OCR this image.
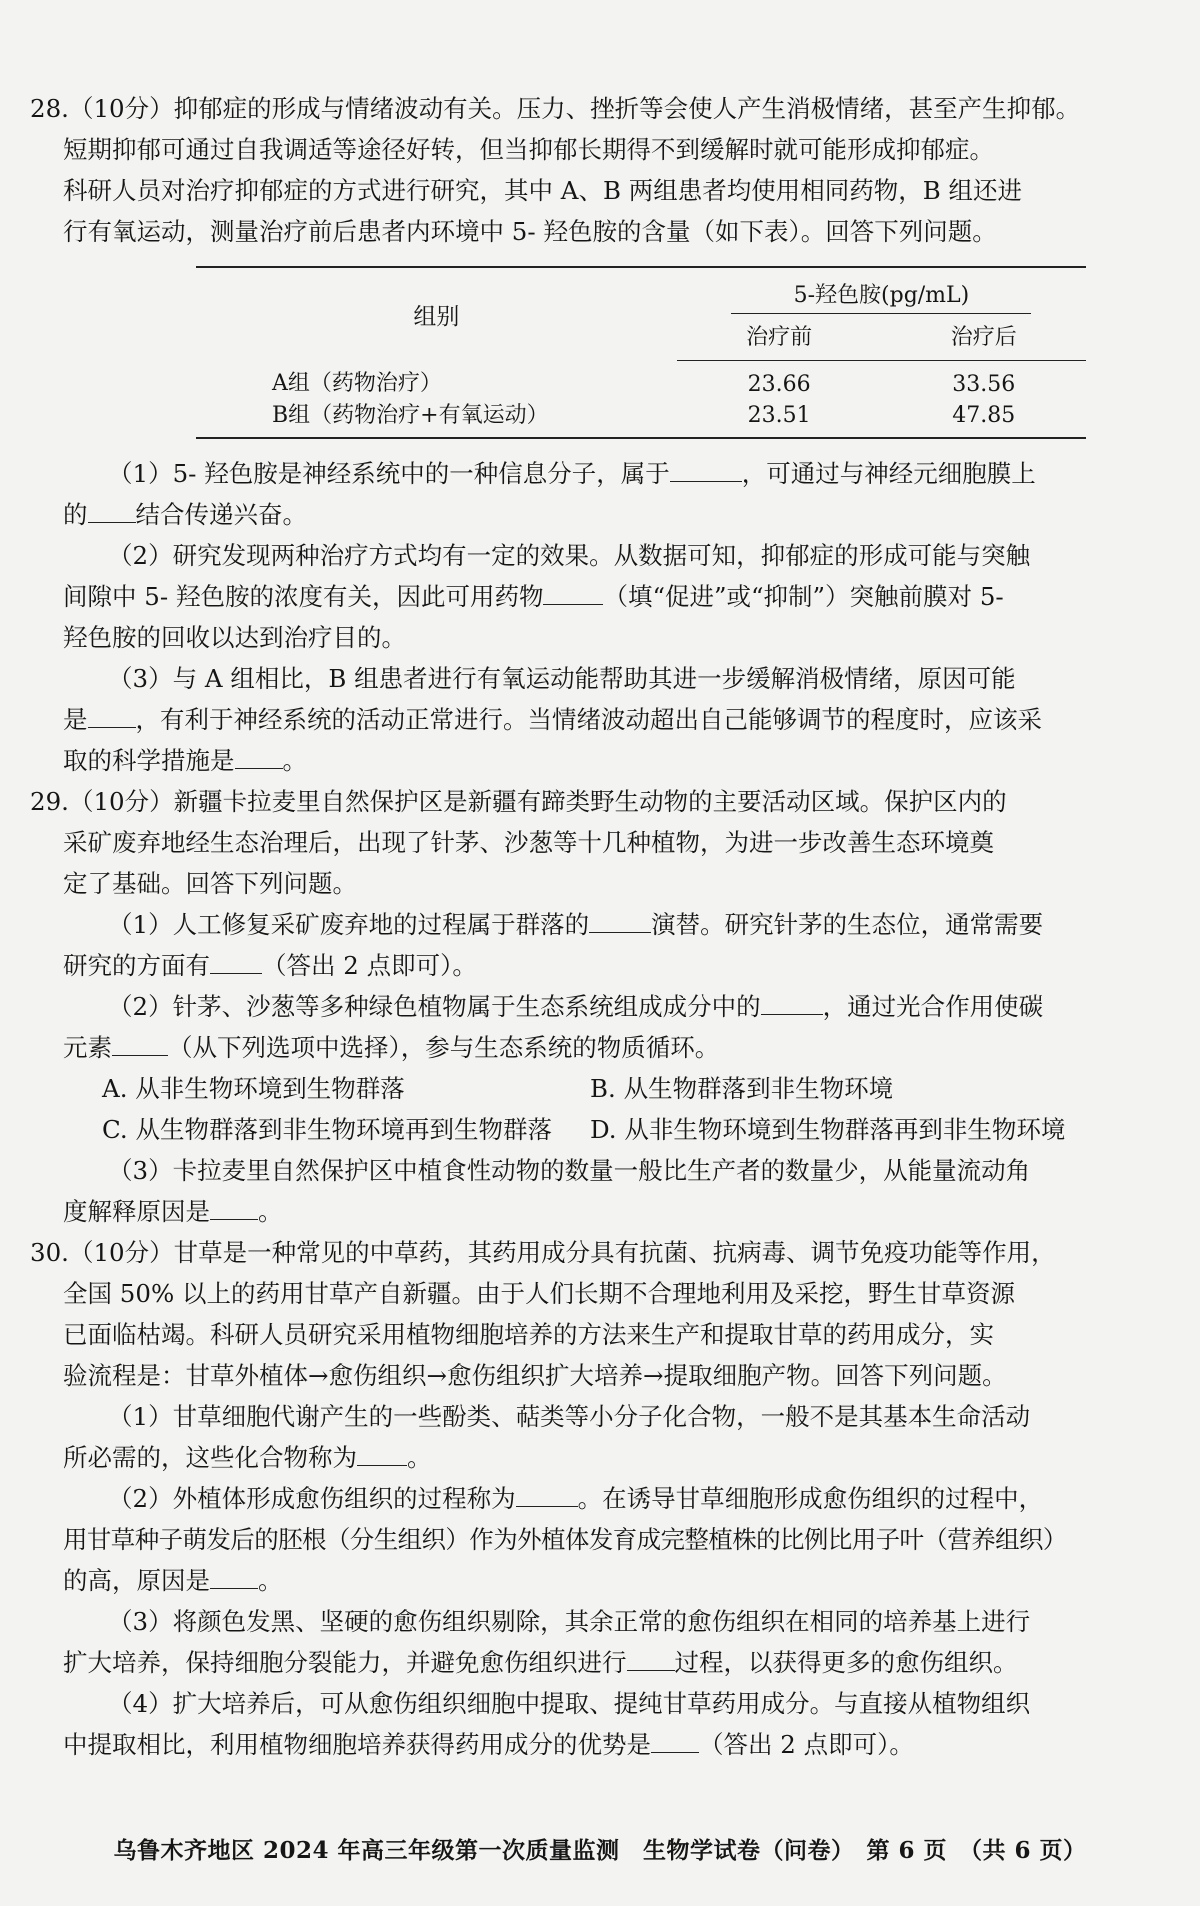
28.（10分）抑郁症的形成与情绪波动有关。压力、挫折等会使人产生消极情绪，甚至产生抑郁。

短期抑郁可通过自我调适等途径好转，但当抑郁长期得不到缓解时就可能形成抑郁症。

科研人员对治疗抑郁症的方式进行研究，其中 A、B 两组患者均使用相同药物，B 组还进

行有氧运动，测量治疗前后患者内环境中 5- 羟色胺的含量（如下表）。回答下列问题。

组别	5-羟色胺(pg/mL)	
	治疗前	治疗后
A组（药物治疗）	23.66	33.56
B组（药物治疗+有氧运动）	23.51	47.85

（1）5- 羟色胺是神经系统中的一种信息分子，属于	，可通过与神经元细胞膜上

的 结合传递兴奋。

（2）研究发现两种治疗方式均有一定的效果。从数据可知，抑郁症的形成可能与突触

间隙中 5- 羟色胺的浓度有关，因此可用药物 （填“促进”或“抑制”）突触前膜对 5-

羟色胺的回收以达到治疗目的。

（3）与 A 组相比，B 组患者进行有氧运动能帮助其进一步缓解消极情绪，原因可能

是 ，有利于神经系统的活动正常进行。当情绪波动超出自己能够调节的程度时，应该采

取的科学措施是 。

29.（10分）新疆卡拉麦里自然保护区是新疆有蹄类野生动物的主要活动区域。保护区内的

采矿废弃地经生态治理后，出现了针茅、沙葱等十几种植物，为进一步改善生态环境奠

定了基础。回答下列问题。

（1）人工修复采矿废弃地的过程属于群落的	演替。研究针茅的生态位，通常需要

研究的方面有 （答出 2 点即可）。

（2）针茅、沙葱等多种绿色植物属于生态系统组成成分中的	，通过光合作用使碳

元素 （从下列选项中选择），参与生态系统的物质循环。

A. 从非生物环境到生物群落	B. 从生物群落到非生物环境
C. 从生物群落到非生物环境再到生物群落	D. 从非生物环境到生物群落再到非生物环境

（3）卡拉麦里自然保护区中植食性动物的数量一般比生产者的数量少，从能量流动角

度解释原因是 。

30.（10分）甘草是一种常见的中草药，其药用成分具有抗菌、抗病毒、调节免疫功能等作用，

全国 50% 以上的药用甘草产自新疆。由于人们长期不合理地利用及采挖，野生甘草资源

已面临枯竭。科研人员研究采用植物细胞培养的方法来生产和提取甘草的药用成分，实

验流程是：甘草外植体→愈伤组织→愈伤组织扩大培养→提取细胞产物。回答下列问题。

（1）甘草细胞代谢产生的一些酚类、萜类等小分子化合物，一般不是其基本生命活动

所必需的，这些化合物称为 。

（2）外植体形成愈伤组织的过程称为	。在诱导甘草细胞形成愈伤组织的过程中，

用甘草种子萌发后的胚根（分生组织）作为外植体发育成完整植株的比例比用子叶（营养组织）

的高，原因是 。

（3）将颜色发黑、坚硬的愈伤组织剔除，其余正常的愈伤组织在相同的培养基上进行

扩大培养，保持细胞分裂能力，并避免愈伤组织进行 过程，以获得更多的愈伤组织。

（4）扩大培养后，可从愈伤组织细胞中提取、提纯甘草药用成分。与直接从植物组织

中提取相比，利用植物细胞培养获得药用成分的优势是 （答出 2 点即可）。

乌鲁木齐地区 2024 年高三年级第一次质量监测　生物学试卷（问卷）　第 6 页　（共 6 页）
